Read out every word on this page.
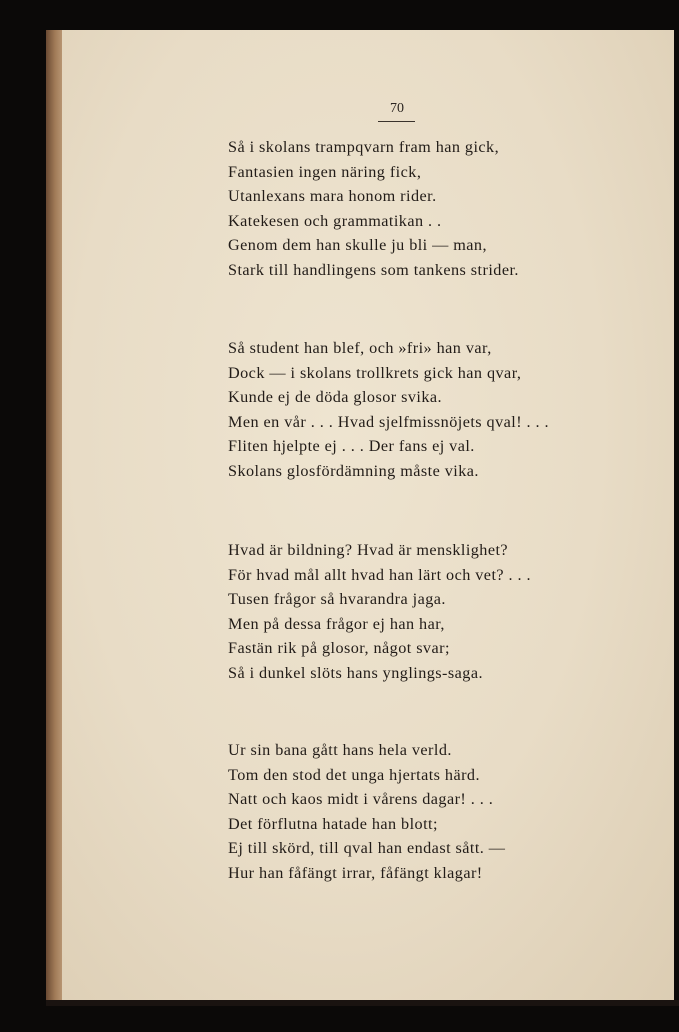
70
Så i skolans trampqvarn fram han gick,
Fantasien ingen näring fick,
Utanlexans mara honom rider.
Katekesen och grammatikan . .
Genom dem han skulle ju bli — man,
Stark till handlingens som tankens strider.
Så student han blef, och »fri» han var,
Dock — i skolans trollkrets gick han qvar,
Kunde ej de döda glosor svika.
Men en vår . . . Hvad sjelfmissnöjets qval! . . .
Fliten hjelpte ej . . . Der fans ej val.
Skolans glosfördämning måste vika.
Hvad är bildning? Hvad är mensklighet?
För hvad mål allt hvad han lärt och vet? . . .
Tusen frågor så hvarandra jaga.
Men på dessa frågor ej han har,
Fastän rik på glosor, något svar;
Så i dunkel slöts hans ynglings-saga.
Ur sin bana gått hans hela verld.
Tom den stod det unga hjertats härd.
Natt och kaos midt i vårens dagar! . . .
Det förflutna hatade han blott;
Ej till skörd, till qval han endast sått. —
Hur han fåfängt irrar, fåfängt klagar!
